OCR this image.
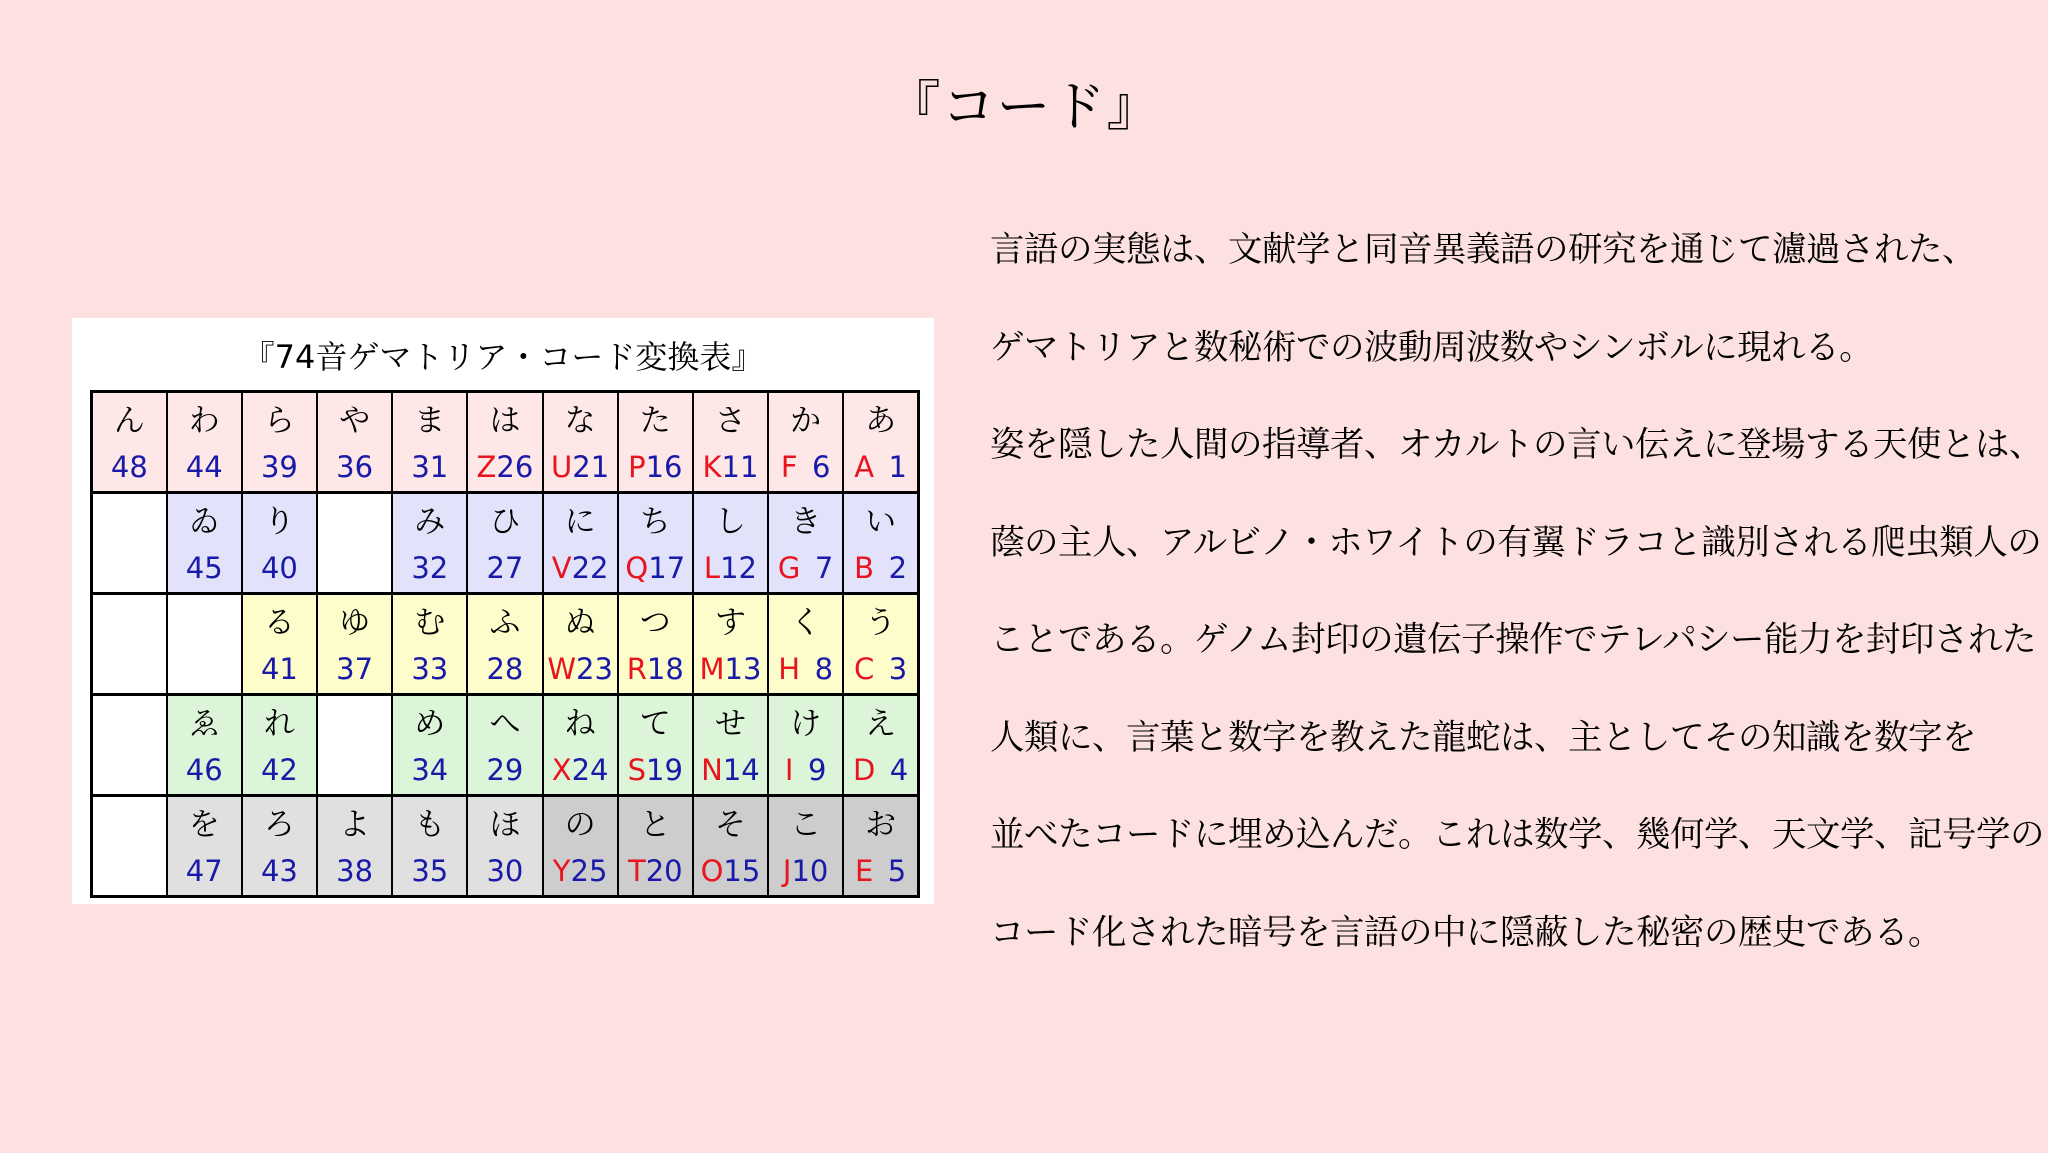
『コード』
『74音ゲマトリア・コード変換表』
ん	わ	ら	や	ま	は	な	た	さ	か	あ
48	44	39	36	31	Z26	U21	P16	K11	F  6	A  1
	ゐ	り		み	ひ	に	ち	し	き	い
	45	40		32	27	V22	Q17	L12	G  7	B  2
		る	ゆ	む	ふ	ぬ	つ	す	く	う
		41	37	33	28	W23	R18	M13	H  8	C  3
	ゑ	れ		め	へ	ね	て	せ	け	え
	46	42		34	29	X24	S19	N14	I  9	D  4
	を	ろ	よ	も	ほ	の	と	そ	こ	お
	47	43	38	35	30	Y25	T20	O15	J10	E  5
言語の実態は、文献学と同音異義語の研究を通じて濾過された、
ゲマトリアと数秘術での波動周波数やシンボルに現れる。
姿を隠した人間の指導者、オカルトの言い伝えに登場する天使とは、
蔭の主人、アルビノ・ホワイトの有翼ドラコと識別される爬虫類人の
ことである。ゲノム封印の遺伝子操作でテレパシー能力を封印された
人類に、言葉と数字を教えた龍蛇は、主としてその知識を数字を
並べたコードに埋め込んだ。これは数学、幾何学、天文学、記号学の
コード化された暗号を言語の中に隠蔽した秘密の歴史である。
